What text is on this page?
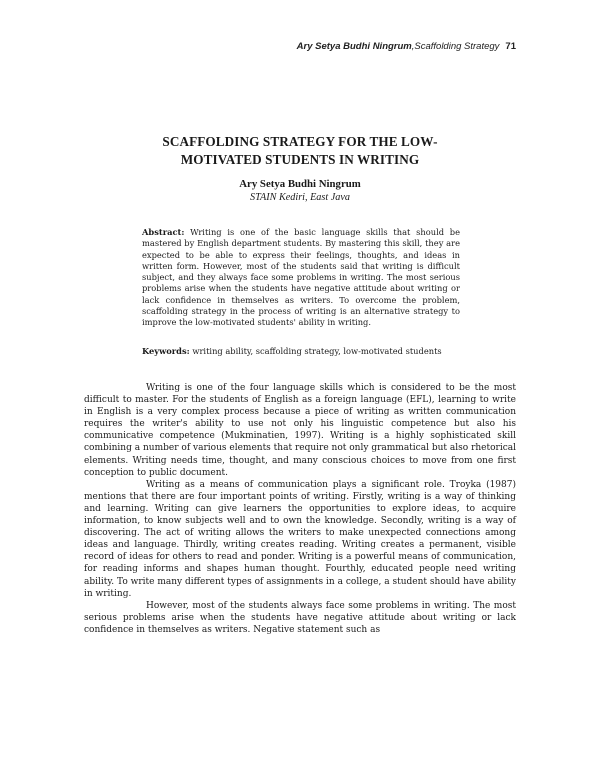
Ary Setya Budhi Ningrum,Scaffolding Strategy 71
SCAFFOLDING STRATEGY FOR THE LOW-
MOTIVATED STUDENTS IN WRITING
Ary Setya Budhi Ningrum
STAIN Kediri, East Java
Abstract: Writing is one of the basic language skills that should be mastered by English department students. By mastering this skill, they are expected to be able to express their feelings, thoughts, and ideas in written form. However, most of the students said that writing is difficult subject, and they always face some problems in writing. The most serious problems arise when the students have negative attitude about writing or lack confidence in themselves as writers. To overcome the problem, scaffolding strategy in the process of writing is an alternative strategy to improve the low-motivated students' ability in writing.
Keywords: writing ability, scaffolding strategy, low-motivated students

Writing is one of the four language skills which is considered to be the most difficult to master. For the students of English as a foreign language (EFL), learning to write in English is a very complex process because a piece of writing as written communication requires the writer's ability to use not only his linguistic competence but also his communicative competence (Mukminatien, 1997). Writing is a highly sophisticated skill combining a number of various elements that require not only grammatical but also rhetorical elements. Writing needs time, thought, and many conscious choices to move from one first conception to public document.

Writing as a means of communication plays a significant role. Troyka (1987) mentions that there are four important points of writing. Firstly, writing is a way of thinking and learning. Writing can give learners the opportunities to explore ideas, to acquire information, to know subjects well and to own the knowledge. Secondly, writing is a way of discovering. The act of writing allows the writers to make unexpected connections among ideas and language. Thirdly, writing creates reading. Writing creates a permanent, visible record of ideas for others to read and ponder. Writing is a powerful means of communication, for reading informs and shapes human thought. Fourthly, educated people need writing ability. To write many different types of assignments in a college, a student should have ability in writing.

However, most of the students always face some problems in writing. The most serious problems arise when the students have negative attitude about writing or lack confidence in themselves as writers. Negative statement such as
